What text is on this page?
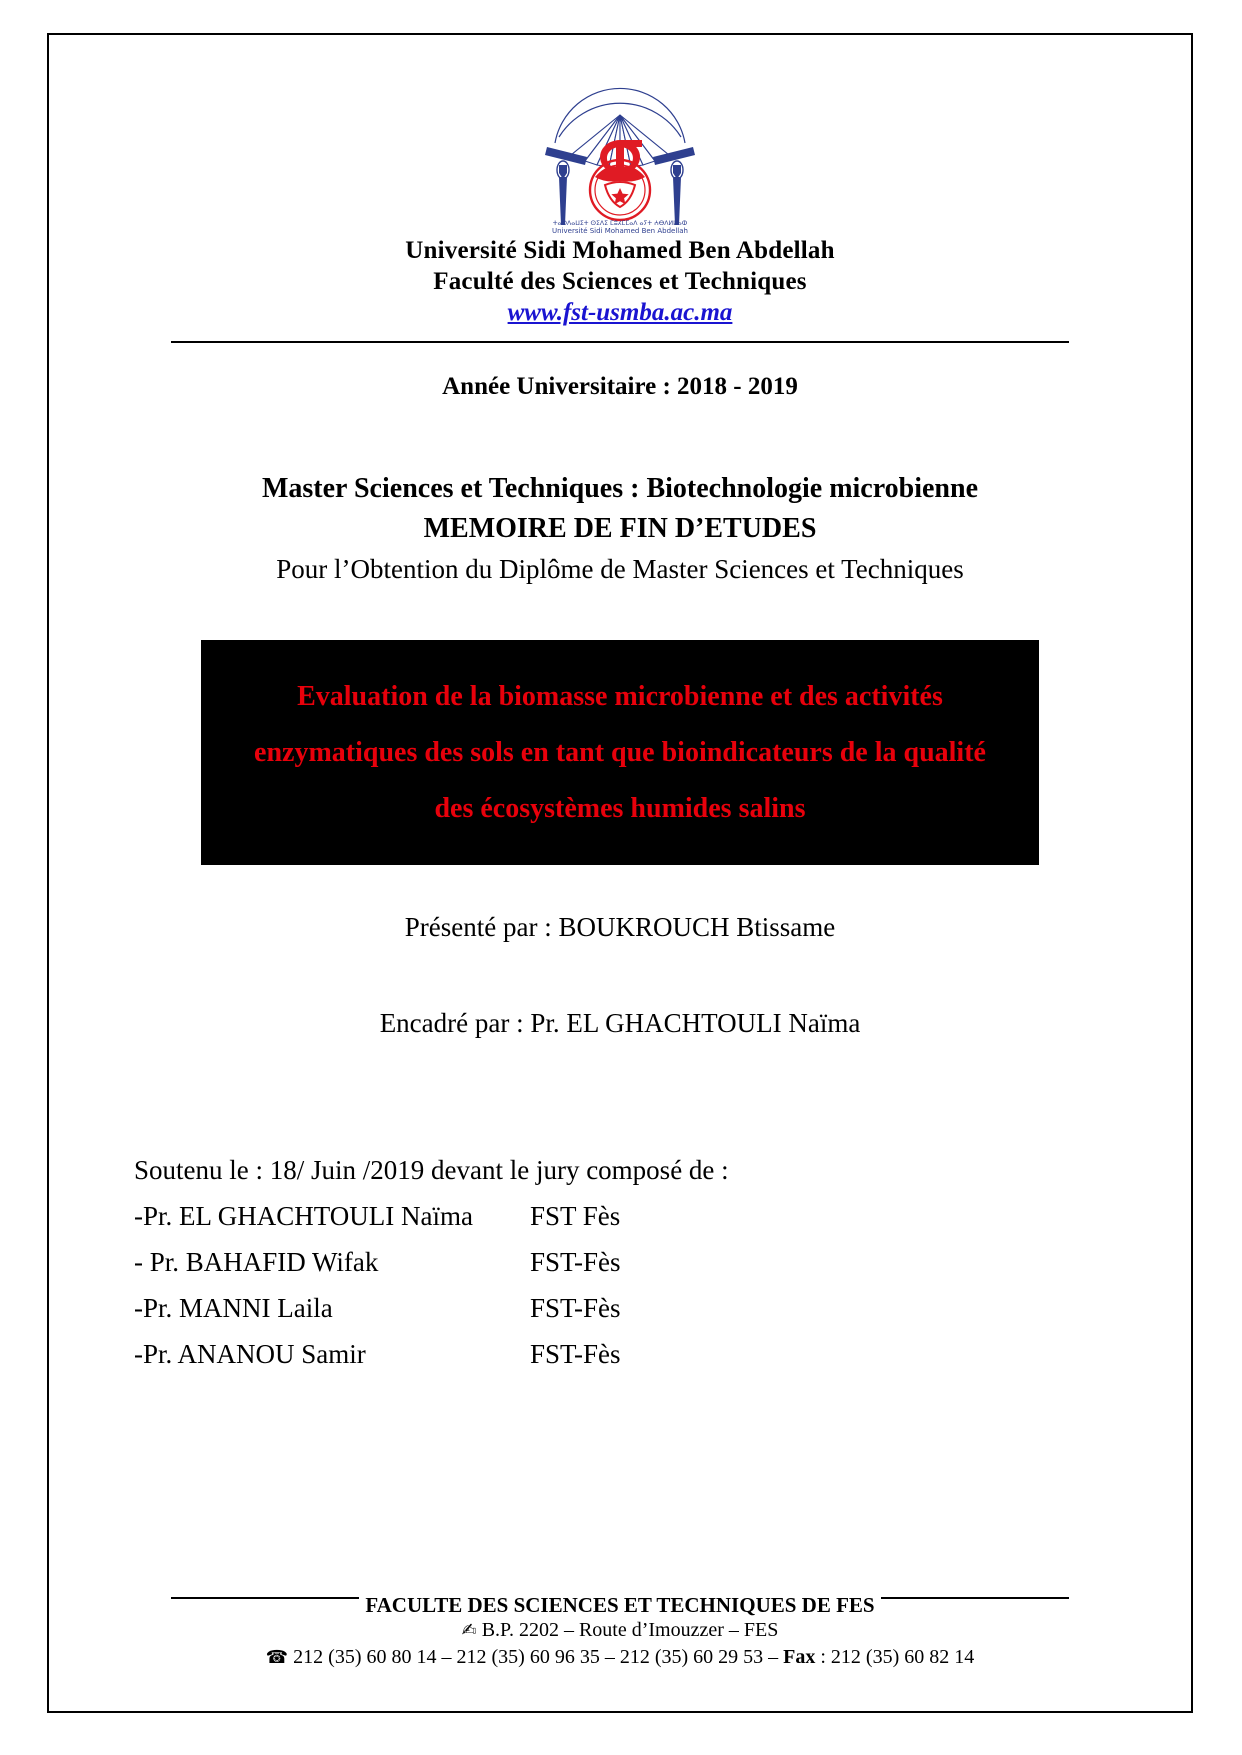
ⵜⴰⵙⴷⴰⵡⵉⵜ ⵙⵉⴷⵉ ⵎⵓⵃⵎⵎⴰⴷ ⴰⵢⵜ ⵄⴱⴷⵍⵍⴰⵀ
Université Sidi Mohamed Ben Abdellah
Université Sidi Mohamed Ben Abdellah
Faculté des Sciences et Techniques
www.fst-usmba.ac.ma
Année Universitaire : 2018 - 2019
Master Sciences et Techniques : Biotechnologie microbienne
MEMOIRE DE FIN D’ETUDES
Pour l’Obtention du Diplôme de Master Sciences et Techniques
Evaluation de la biomasse microbienne et des activités
enzymatiques des sols en tant que bioindicateurs de la qualité
des écosystèmes humides salins
Présenté par : BOUKROUCH Btissame
Encadré par : Pr. EL GHACHTOULI Naïma
Soutenu le : 18/ Juin /2019 devant le jury composé de :
-Pr. EL GHACHTOULI Naïma	FST Fès
- Pr. BAHAFID Wifak	FST-Fès
-Pr. MANNI Laila	FST-Fès
-Pr. ANANOU Samir	FST-Fès
FACULTE DES SCIENCES ET TECHNIQUES DE FES
✍ B.P. 2202 – Route d’Imouzzer – FES
☎ 212 (35) 60 80 14 – 212 (35) 60 96 35 – 212 (35) 60 29 53 – Fax : 212 (35) 60 82 14
